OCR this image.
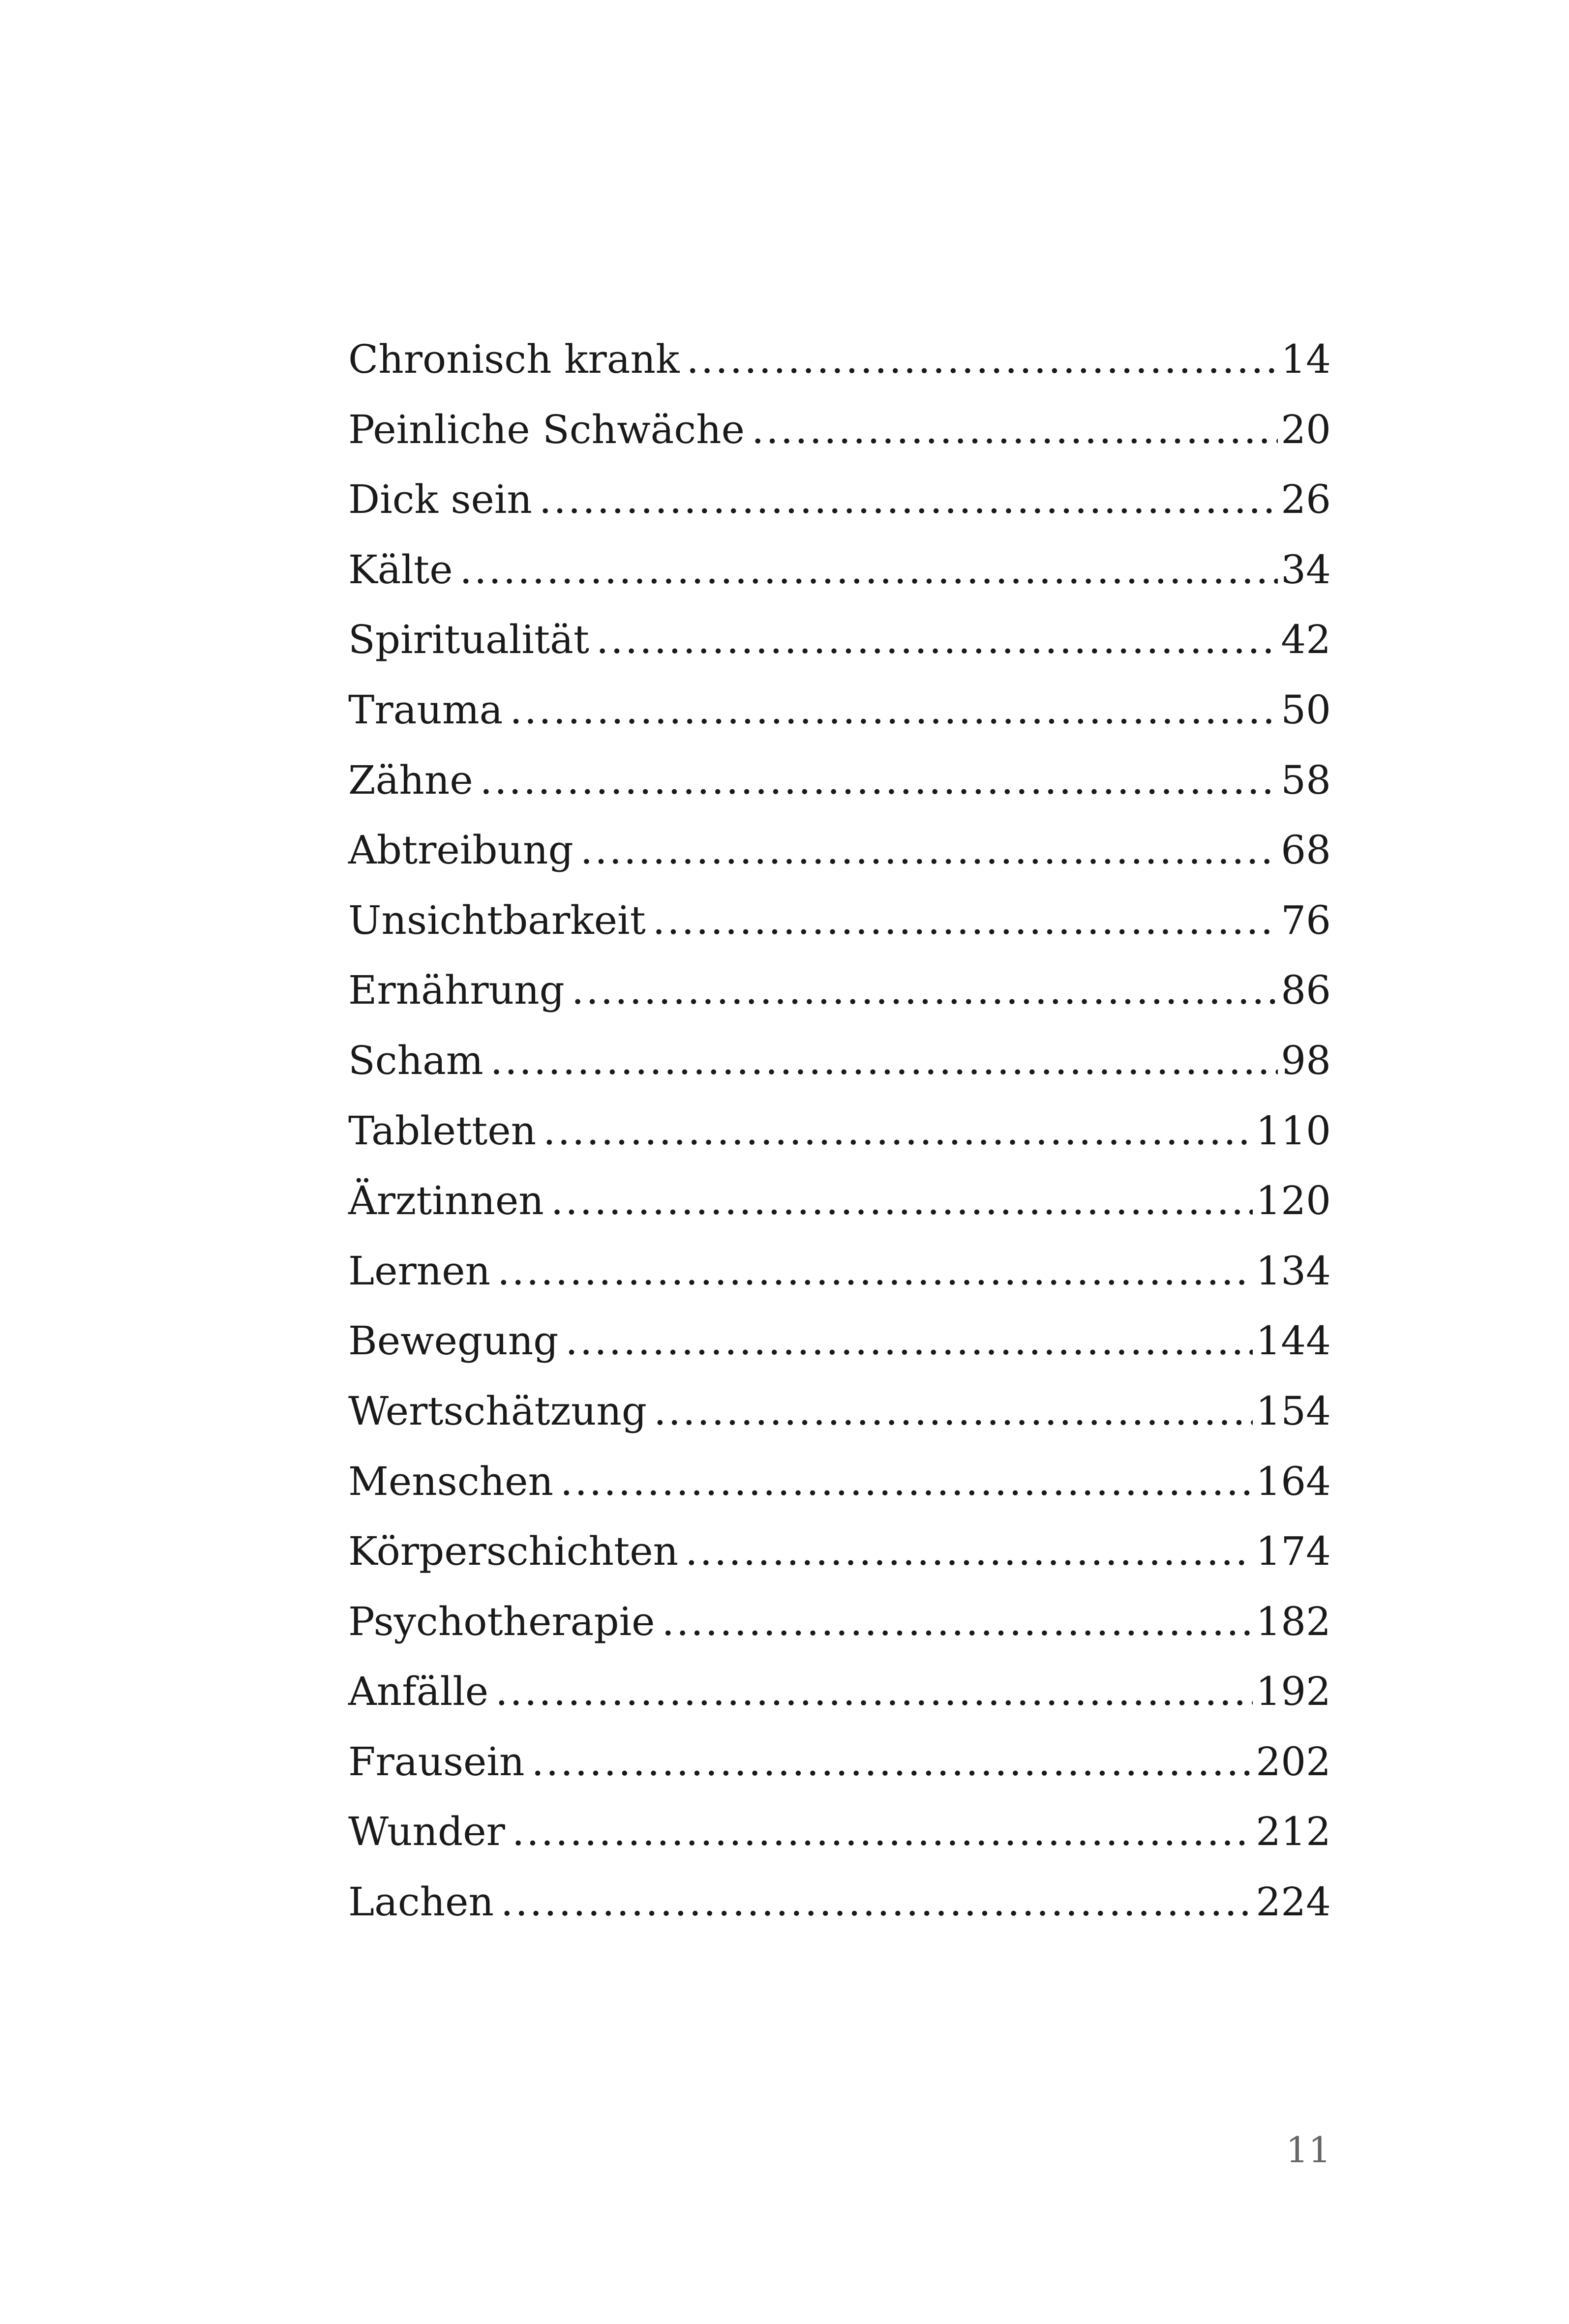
Chronisch krank .....	14
Peinliche Schwäche .....	20
Dick sein .....	26
Kälte .....	34
Spiritualität .....	42
Trauma .....	50
Zähne .....	58
Abtreibung .....	68
Unsichtbarkeit .....	76
Ernährung .....	86
Scham .....	98
Tabletten .....	110
Ärztinnen .....	120
Lernen .....	134
Bewegung .....	144
Wertschätzung .....	154
Menschen .....	164
Körperschichten .....	174
Psychotherapie .....	182
Anfälle .....	192
Frausein .....	202
Wunder .....	212
Lachen .....	224
11
